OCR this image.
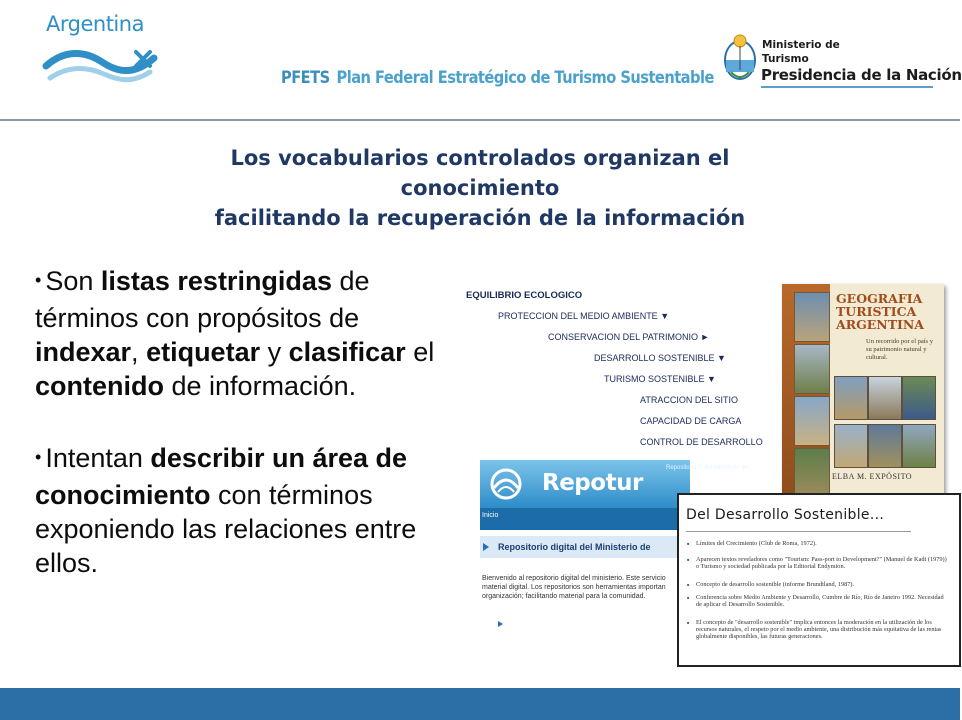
Argentina
PFETS Plan Federal Estratégico de Turismo Sustentable
Ministerio de
Turismo
Presidencia de la Nación
Los vocabularios controlados organizan el
conocimiento
facilitando la recuperación de la información

• Son listas restringidas de términos con propósitos de indexar, etiquetar y clasificar el contenido de información.

• Intentan describir un área de conocimiento con términos exponiendo las relaciones entre ellos.

EQUILIBRIO ECOLOGICO
PROTECCION DEL MEDIO AMBIENTE ▼
CONSERVACION DEL PATRIMONIO ►
DESARROLLO SOSTENIBLE ▼
TURISMO SOSTENIBLE ▼
ATRACCION DEL SITIO
CAPACIDAD DE CARGA
CONTROL DE DESARROLLO
GEOGRAFIA
TURISTICA
ARGENTINA
Un recorrido por el país y su patrimonio natural y cultural.
ELBA M. EXPÓSITO
Repotur
Repositorio D del Ministerio de
Inicio
Repositorio digital del Ministerio de
Bienvenido al repositorio digital del ministerio. Este servicio material digital. Los repositorios son herramientas importan organización; facilitando material para la comunidad.
Del Desarrollo Sostenible...
■ Límites del Crecimiento (Club de Roma, 1972).
■ Aparecen textos reveladores como "Tourism: Pass-port to Development?" (Manuel de Kadt (1979)) o Turismo y sociedad publicada por la Editorial Endymion.
■ Concepto de desarrollo sostenible (informe Brundtland, 1987).
■ Conferencia sobre Medio Ambiente y Desarrollo, Cumbre de Río, Río de Janeiro 1992. Necesidad de aplicar el Desarrollo Sostenible.
■ El concepto de "desarrollo sostenible" implica entonces la moderación en la utilización de los recursos naturales, el respeto por el medio ambiente, una distribución más equitativa de las rentas globalmente disponibles, las futuras generaciones.
